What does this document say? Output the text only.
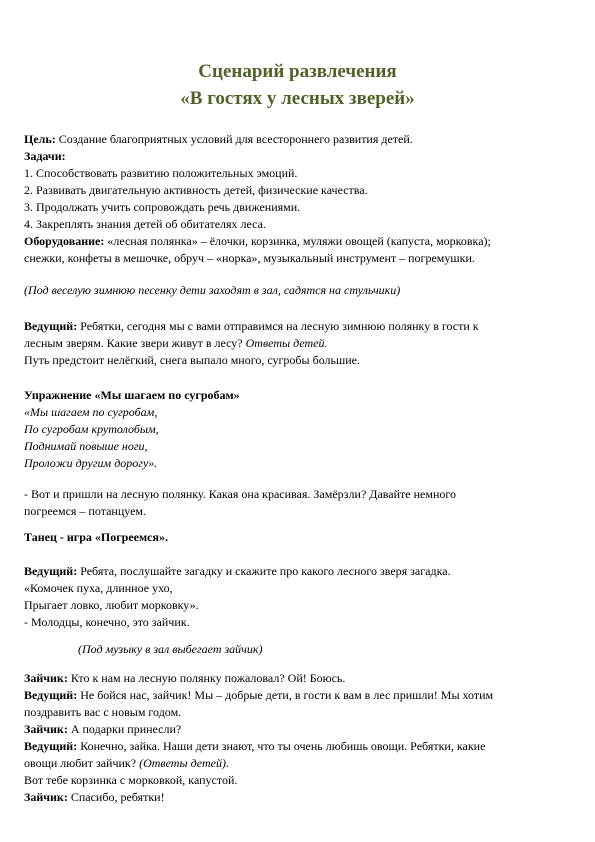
Сценарий развлечения
«В гостях у лесных зверей»
Цель: Создание благоприятных условий для всестороннего развития детей.
Задачи:
1. Способствовать развитию положительных эмоций.
2. Развивать двигательную активность детей, физические качества.
3. Продолжать учить сопровождать речь движениями.
4. Закреплять знания детей об обитателях леса.
Оборудование: «лесная полянка» – ёлочки, корзинка, муляжи овощей (капуста, морковка);
снежки, конфеты в мешочке, обруч – «норка», музыкальный инструмент – погремушки.
(Под веселую зимнюю песенку дети заходят в зал, садятся на стульчики)
Ведущий: Ребятки, сегодня мы с вами отправимся на лесную зимнюю полянку в гости к
лесным зверям. Какие звери живут в лесу? Ответы детей.
Путь предстоит нелёгкий, снега выпало много, сугробы большие.
Упражнение «Мы шагаем по сугробам»
«Мы шагаем по сугробам,
По сугробам крутолобым,
Поднимай повыше ноги,
Проложи другим дорогу».
- Вот и пришли на лесную полянку. Какая она красивая. Замёрзли? Давайте немного
погреемся – потанцуем.
Танец - игра «Погреемся».
Ведущий: Ребята, послушайте загадку и скажите про какого лесного зверя загадка.
«Комочек пуха, длинное ухо,
Прыгает ловко, любит морковку».
- Молодцы, конечно, это зайчик.
(Под музыку в зал выбегает зайчик)
Зайчик: Кто к нам на лесную полянку пожаловал? Ой! Боюсь.
Ведущий: Не бойся нас, зайчик! Мы – добрые дети, в гости к вам в лес пришли! Мы хотим
поздравить вас с новым годом.
Зайчик: А подарки принесли?
Ведущий: Конечно, зайка. Наши дети знают, что ты очень любишь овощи. Ребятки, какие
овощи любит зайчик? (Ответы детей).
Вот тебе корзинка с морковкой, капустой.
Зайчик: Спасибо, ребятки!
